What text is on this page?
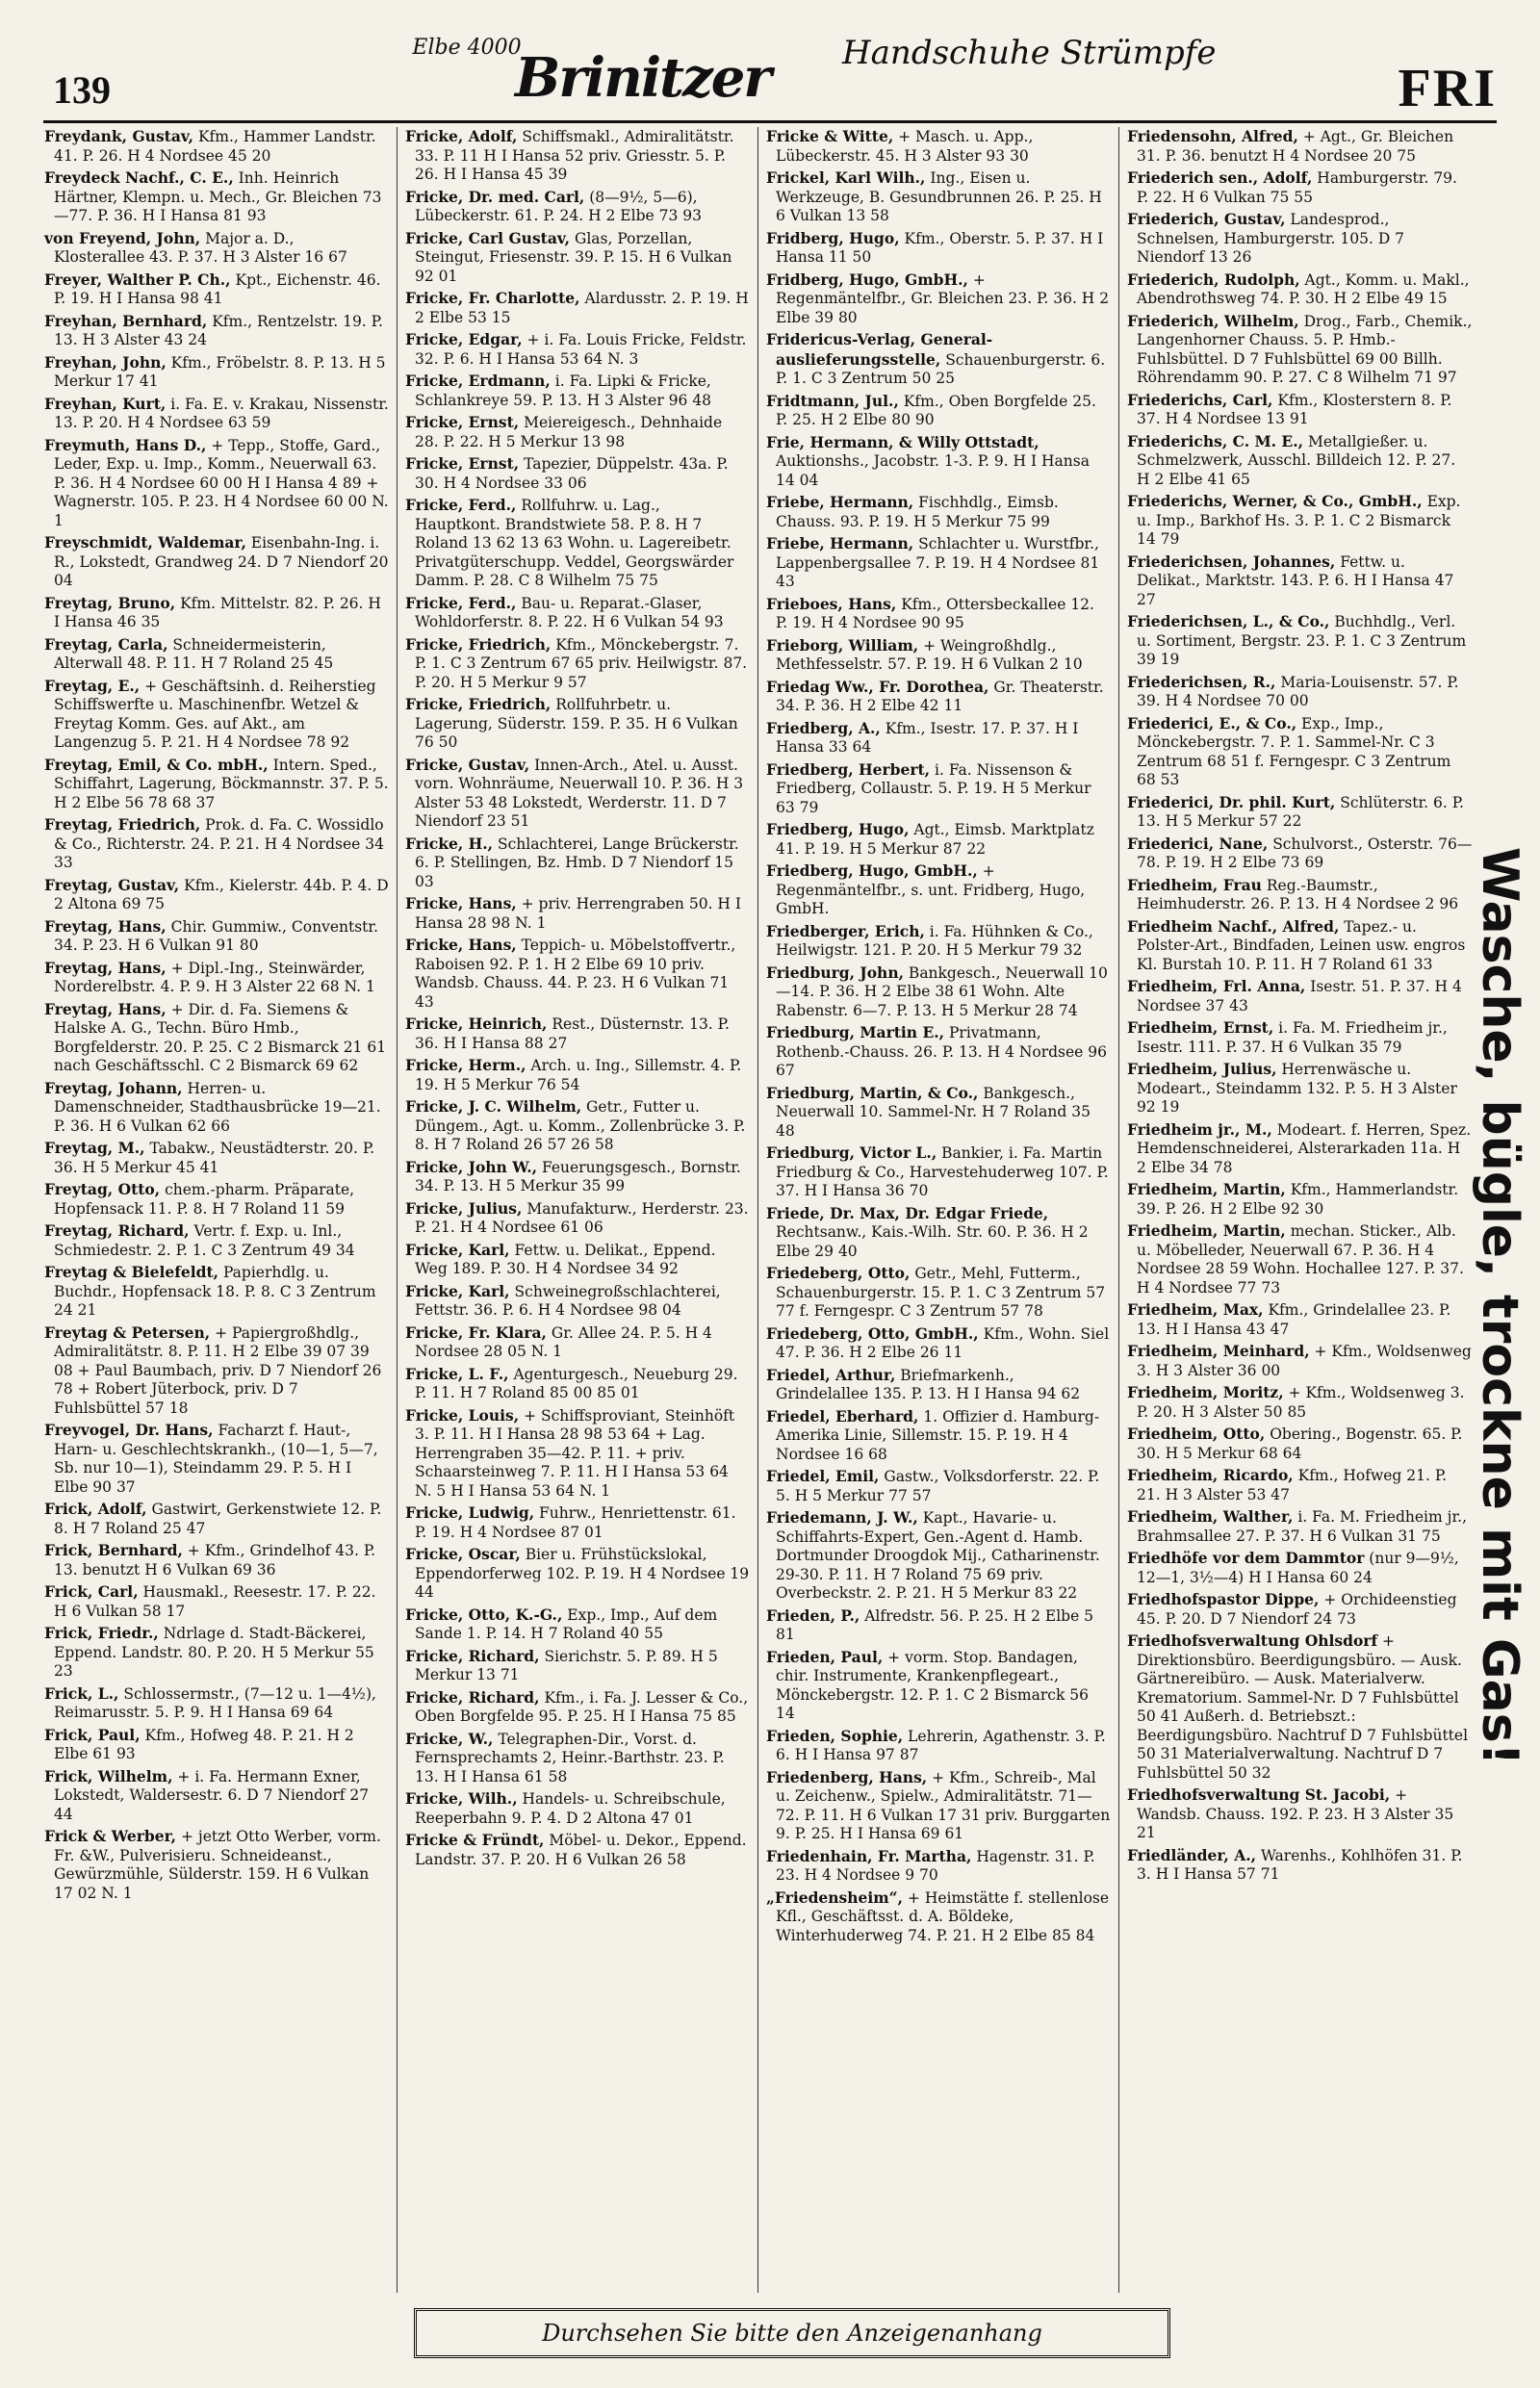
139
Elbe 4000
Brinitzer Handschuhe Strümpfe
FRI
Freydank, Gustav, Kfm., Hammer Landstr. 41. P. 26. H 4 Nordsee 45 20
Freydeck Nachf., C. E., Inh. Heinrich Härtner, Klempn. u. Mech., Gr. Bleichen 73—77. P. 36. H I Hansa 81 93
von Freyend, John, Major a. D., Klosterallee 43. P. 37. H 3 Alster 16 67
Freyer, Walther P. Ch., Kpt., Eichenstr. 46. P. 19. H I Hansa 98 41
Freyhan, Bernhard, Kfm., Rentzelstr. 19. P. 13. H 3 Alster 43 24
Freyhan, John, Kfm., Fröbelstr. 8. P. 13. H 5 Merkur 17 41
Freyhan, Kurt, i. Fa. E. v. Krakau, Nissenstr. 13. P. 20. H 4 Nordsee 63 59
Freymuth, Hans D., + Tepp., Stoffe, Gard., Leder, Exp. u. Imp., Komm., Neuerwall 63. P. 36. H 4 Nordsee 60 00 H I Hansa 4 89 + Wagnerstr. 105. P. 23. H 4 Nordsee 60 00 N. 1
Freyschmidt, Waldemar, Eisenbahn-Ing. i. R., Lokstedt, Grandweg 24. D 7 Niendorf 20 04
Freytag, Bruno, Kfm. Mittelstr. 82. P. 26. H I Hansa 46 35
Freytag, Carla, Schneidermeisterin, Alterwall 48. P. 11. H 7 Roland 25 45
Freytag, E., + Geschäftsinh. d. Reiherstieg Schiffswerfte u. Maschinenfbr. Wetzel & Freytag Komm. Ges. auf Akt., am Langenzug 5. P. 21. H 4 Nordsee 78 92
Freytag, Emil, & Co. mbH., Intern. Sped., Schiffahrt, Lagerung, Böckmannstr. 37. P. 5. H 2 Elbe 56 78 68 37
Freytag, Friedrich, Prok. d. Fa. C. Wossidlo & Co., Richterstr. 24. P. 21. H 4 Nordsee 34 33
Freytag, Gustav, Kfm., Kielerstr. 44b. P. 4. D 2 Altona 69 75
Freytag, Hans, Chir. Gummiw., Conventstr. 34. P. 23. H 6 Vulkan 91 80
Freytag, Hans, + Dipl.-Ing., Steinwärder, Norderelbstr. 4. P. 9. H 3 Alster 22 68 N. 1
Freytag, Hans, + Dir. d. Fa. Siemens & Halske A. G., Techn. Büro Hmb., Borgfelderstr. 20. P. 25. C 2 Bismarck 21 61 nach Geschäftsschl. C 2 Bismarck 69 62
Freytag, Johann, Herren- u. Damenschneider, Stadthausbrücke 19—21. P. 36. H 6 Vulkan 62 66
Freytag, M., Tabakw., Neustädterstr. 20. P. 36. H 5 Merkur 45 41
Freytag, Otto, chem.-pharm. Präparate, Hopfensack 11. P. 8. H 7 Roland 11 59
Freytag, Richard, Vertr. f. Exp. u. Inl., Schmiedestr. 2. P. 1. C 3 Zentrum 49 34
Freytag & Bielefeldt, Papierhdlg. u. Buchdr., Hopfensack 18. P. 8. C 3 Zentrum 24 21
Freytag & Petersen, + Papiergroßhdlg., Admiralitätstr. 8. P. 11. H 2 Elbe 39 07 39 08 + Paul Baumbach, priv. D 7 Niendorf 26 78 + Robert Jüterbock, priv. D 7 Fuhlsbüttel 57 18
Freyvogel, Dr. Hans, Facharzt f. Haut-, Harn- u. Geschlechtskrankh., (10—1, 5—7, Sb. nur 10—1), Steindamm 29. P. 5. H I Elbe 90 37
Frick, Adolf, Gastwirt, Gerkenstwiete 12. P. 8. H 7 Roland 25 47
Frick, Bernhard, + Kfm., Grindelhof 43. P. 13. benutzt H 6 Vulkan 69 36
Frick, Carl, Hausmakl., Reesestr. 17. P. 22. H 6 Vulkan 58 17
Frick, Friedr., Ndrlage d. Stadt-Bäckerei, Eppend. Landstr. 80. P. 20. H 5 Merkur 55 23
Frick, L., Schlossermstr., (7—12 u. 1—4½), Reimarusstr. 5. P. 9. H I Hansa 69 64
Frick, Paul, Kfm., Hofweg 48. P. 21. H 2 Elbe 61 93
Frick, Wilhelm, + i. Fa. Hermann Exner, Lokstedt, Waldersestr. 6. D 7 Niendorf 27 44
Frick & Werber, + jetzt Otto Werber, vorm. Fr. &W., Pulverisieru. Schneideanst., Gewürzmühle, Sülderstr. 159. H 6 Vulkan 17 02 N. 1
Fricke, Adolf, Schiffsmakl., Admiralitätstr. 33. P. 11 H I Hansa 52 priv. Griesstr. 5. P. 26. H I Hansa 45 39
Fricke, Dr. med. Carl, (8—9½, 5—6), Lübeckerstr. 61. P. 24. H 2 Elbe 73 93
Fricke, Carl Gustav, Glas, Porzellan, Steingut, Friesenstr. 39. P. 15. H 6 Vulkan 92 01
Fricke, Fr. Charlotte, Alardusstr. 2. P. 19. H 2 Elbe 53 15
Fricke, Edgar, + i. Fa. Louis Fricke, Feldstr. 32. P. 6. H I Hansa 53 64 N. 3
Fricke, Erdmann, i. Fa. Lipki & Fricke, Schlankreye 59. P. 13. H 3 Alster 96 48
Fricke, Ernst, Meiereigesch., Dehnhaide 28. P. 22. H 5 Merkur 13 98
Fricke, Ernst, Tapezier, Düppelstr. 43a. P. 30. H 4 Nordsee 33 06
Fricke, Ferd., Rollfuhrw. u. Lag., Hauptkont. Brandstwiete 58. P. 8. H 7 Roland 13 62 13 63 Wohn. u. Lagereibetr. Privatgüterschupp. Veddel, Georgswärder Damm. P. 28. C 8 Wilhelm 75 75
Fricke, Ferd., Bau- u. Reparat.-Glaser, Wohldorferstr. 8. P. 22. H 6 Vulkan 54 93
Fricke, Friedrich, Kfm., Mönckebergstr. 7. P. 1. C 3 Zentrum 67 65 priv. Heilwigstr. 87. P. 20. H 5 Merkur 9 57
Fricke, Friedrich, Rollfuhrbetr. u. Lagerung, Süderstr. 159. P. 35. H 6 Vulkan 76 50
Fricke, Gustav, Innen-Arch., Atel. u. Ausst. vorn. Wohnräume, Neuerwall 10. P. 36. H 3 Alster 53 48 Lokstedt, Werderstr. 11. D 7 Niendorf 23 51
Fricke, H., Schlachterei, Lange Brückerstr. 6. P. Stellingen, Bz. Hmb. D 7 Niendorf 15 03
Fricke, Hans, + priv. Herrengraben 50. H I Hansa 28 98 N. 1
Fricke, Hans, Teppich- u. Möbelstoffvertr., Raboisen 92. P. 1. H 2 Elbe 69 10 priv. Wandsb. Chauss. 44. P. 23. H 6 Vulkan 71 43
Fricke, Heinrich, Rest., Düsternstr. 13. P. 36. H I Hansa 88 27
Fricke, Herm., Arch. u. Ing., Sillemstr. 4. P. 19. H 5 Merkur 76 54
Fricke, J. C. Wilhelm, Getr., Futter u. Düngem., Agt. u. Komm., Zollenbrücke 3. P. 8. H 7 Roland 26 57 26 58
Fricke, John W., Feuerungsgesch., Bornstr. 34. P. 13. H 5 Merkur 35 99
Fricke, Julius, Manufakturw., Herderstr. 23. P. 21. H 4 Nordsee 61 06
Fricke, Karl, Fettw. u. Delikat., Eppend. Weg 189. P. 30. H 4 Nordsee 34 92
Fricke, Karl, Schweinegroßschlachterei, Fettstr. 36. P. 6. H 4 Nordsee 98 04
Fricke, Fr. Klara, Gr. Allee 24. P. 5. H 4 Nordsee 28 05 N. 1
Fricke, L. F., Agenturgesch., Neueburg 29. P. 11. H 7 Roland 85 00 85 01
Fricke, Louis, + Schiffsproviant, Steinhöft 3. P. 11. H I Hansa 28 98 53 64 + Lag. Herrengraben 35—42. P. 11. + priv. Schaarsteinweg 7. P. 11. H I Hansa 53 64 N. 5 H I Hansa 53 64 N. 1
Fricke, Ludwig, Fuhrw., Henriettenstr. 61. P. 19. H 4 Nordsee 87 01
Fricke, Oscar, Bier u. Frühstückslokal, Eppendorferweg 102. P. 19. H 4 Nordsee 19 44
Fricke, Otto, K.-G., Exp., Imp., Auf dem Sande 1. P. 14. H 7 Roland 40 55
Fricke, Richard, Sierichstr. 5. P. 89. H 5 Merkur 13 71
Fricke, Richard, Kfm., i. Fa. J. Lesser & Co., Oben Borgfelde 95. P. 25. H I Hansa 75 85
Fricke, W., Telegraphen-Dir., Vorst. d. Fernsprechamts 2, Heinr.-Barthstr. 23. P. 13. H I Hansa 61 58
Fricke, Wilh., Handels- u. Schreibschule, Reeperbahn 9. P. 4. D 2 Altona 47 01
Fricke & Fründt, Möbel- u. Dekor., Eppend. Landstr. 37. P. 20. H 6 Vulkan 26 58
Fricke & Witte, + Masch. u. App., Lübeckerstr. 45. H 3 Alster 93 30
Frickel, Karl Wilh., Ing., Eisen u. Werkzeuge, B. Gesundbrunnen 26. P. 25. H 6 Vulkan 13 58
Fridberg, Hugo, Kfm., Oberstr. 5. P. 37. H I Hansa 11 50
Fridberg, Hugo, GmbH., + Regenmäntelfbr., Gr. Bleichen 23. P. 36. H 2 Elbe 39 80
Fridericus-Verlag, General-auslieferungsstelle, Schauenburgerstr. 6. P. 1. C 3 Zentrum 50 25
Fridtmann, Jul., Kfm., Oben Borgfelde 25. P. 25. H 2 Elbe 80 90
Frie, Hermann, & Willy Ottstadt, Auktionshs., Jacobstr. 1-3. P. 9. H I Hansa 14 04
Friebe, Hermann, Fischhdlg., Eimsb. Chauss. 93. P. 19. H 5 Merkur 75 99
Friebe, Hermann, Schlachter u. Wurstfbr., Lappenbergsallee 7. P. 19. H 4 Nordsee 81 43
Frieboes, Hans, Kfm., Ottersbeckallee 12. P. 19. H 4 Nordsee 90 95
Frieborg, William, + Weingroßhdlg., Methfesselstr. 57. P. 19. H 6 Vulkan 2 10
Friedag Ww., Fr. Dorothea, Gr. Theaterstr. 34. P. 36. H 2 Elbe 42 11
Friedberg, A., Kfm., Isestr. 17. P. 37. H I Hansa 33 64
Friedberg, Herbert, i. Fa. Nissenson & Friedberg, Collaustr. 5. P. 19. H 5 Merkur 63 79
Friedberg, Hugo, Agt., Eimsb. Marktplatz 41. P. 19. H 5 Merkur 87 22
Friedberg, Hugo, GmbH., + Regenmäntelfbr., s. unt. Fridberg, Hugo, GmbH.
Friedberger, Erich, i. Fa. Hühnken & Co., Heilwigstr. 121. P. 20. H 5 Merkur 79 32
Friedburg, John, Bankgesch., Neuerwall 10—14. P. 36. H 2 Elbe 38 61 Wohn. Alte Rabenstr. 6—7. P. 13. H 5 Merkur 28 74
Friedburg, Martin E., Privatmann, Rothenb.-Chauss. 26. P. 13. H 4 Nordsee 96 67
Friedburg, Martin, & Co., Bankgesch., Neuerwall 10. Sammel-Nr. H 7 Roland 35 48
Friedburg, Victor L., Bankier, i. Fa. Martin Friedburg & Co., Harvestehuderweg 107. P. 37. H I Hansa 36 70
Friede, Dr. Max, Dr. Edgar Friede, Rechtsanw., Kais.-Wilh. Str. 60. P. 36. H 2 Elbe 29 40
Friedeberg, Otto, Getr., Mehl, Futterm., Schauenburgerstr. 15. P. 1. C 3 Zentrum 57 77 f. Ferngespr. C 3 Zentrum 57 78
Friedeberg, Otto, GmbH., Kfm., Wohn. Siel 47. P. 36. H 2 Elbe 26 11
Friedel, Arthur, Briefmarkenh., Grindelallee 135. P. 13. H I Hansa 94 62
Friedel, Eberhard, 1. Offizier d. Hamburg-Amerika Linie, Sillemstr. 15. P. 19. H 4 Nordsee 16 68
Friedel, Emil, Gastw., Volksdorferstr. 22. P. 5. H 5 Merkur 77 57
Friedemann, J. W., Kapt., Havarie- u. Schiffahrts-Expert, Gen.-Agent d. Hamb. Dortmunder Droogdok Mij., Catharinenstr. 29-30. P. 11. H 7 Roland 75 69 priv. Overbeckstr. 2. P. 21. H 5 Merkur 83 22
Frieden, P., Alfredstr. 56. P. 25. H 2 Elbe 5 81
Frieden, Paul, + vorm. Stop. Bandagen, chir. Instrumente, Krankenpflegeart., Mönckebergstr. 12. P. 1. C 2 Bismarck 56 14
Frieden, Sophie, Lehrerin, Agathenstr. 3. P. 6. H I Hansa 97 87
Friedenberg, Hans, + Kfm., Schreib-, Mal u. Zeichenw., Spielw., Admiralitätstr. 71—72. P. 11. H 6 Vulkan 17 31 priv. Burggarten 9. P. 25. H I Hansa 69 61
Friedenhain, Fr. Martha, Hagenstr. 31. P. 23. H 4 Nordsee 9 70
„Friedensheim“, + Heimstätte f. stellenlose Kfl., Geschäftsst. d. A. Böldeke, Winterhuderweg 74. P. 21. H 2 Elbe 85 84
Friedensohn, Alfred, + Agt., Gr. Bleichen 31. P. 36. benutzt H 4 Nordsee 20 75
Friederich sen., Adolf, Hamburgerstr. 79. P. 22. H 6 Vulkan 75 55
Friederich, Gustav, Landesprod., Schnelsen, Hamburgerstr. 105. D 7 Niendorf 13 26
Friederich, Rudolph, Agt., Komm. u. Makl., Abendrothsweg 74. P. 30. H 2 Elbe 49 15
Friederich, Wilhelm, Drog., Farb., Chemik., Langenhorner Chauss. 5. P. Hmb.-Fuhlsbüttel. D 7 Fuhlsbüttel 69 00 Billh. Röhrendamm 90. P. 27. C 8 Wilhelm 71 97
Friederichs, Carl, Kfm., Klosterstern 8. P. 37. H 4 Nordsee 13 91
Friederichs, C. M. E., Metallgießer. u. Schmelzwerk, Ausschl. Billdeich 12. P. 27. H 2 Elbe 41 65
Friederichs, Werner, & Co., GmbH., Exp. u. Imp., Barkhof Hs. 3. P. 1. C 2 Bismarck 14 79
Friederichsen, Johannes, Fettw. u. Delikat., Marktstr. 143. P. 6. H I Hansa 47 27
Friederichsen, L., & Co., Buchhdlg., Verl. u. Sortiment, Bergstr. 23. P. 1. C 3 Zentrum 39 19
Friederichsen, R., Maria-Louisenstr. 57. P. 39. H 4 Nordsee 70 00
Friederici, E., & Co., Exp., Imp., Mönckebergstr. 7. P. 1. Sammel-Nr. C 3 Zentrum 68 51 f. Ferngespr. C 3 Zentrum 68 53
Friederici, Dr. phil. Kurt, Schlüterstr. 6. P. 13. H 5 Merkur 57 22
Friederici, Nane, Schulvorst., Osterstr. 76—78. P. 19. H 2 Elbe 73 69
Friedheim, Frau Reg.-Baumstr., Heimhuderstr. 26. P. 13. H 4 Nordsee 2 96
Friedheim Nachf., Alfred, Tapez.- u. Polster-Art., Bindfaden, Leinen usw. engros Kl. Burstah 10. P. 11. H 7 Roland 61 33
Friedheim, Frl. Anna, Isestr. 51. P. 37. H 4 Nordsee 37 43
Friedheim, Ernst, i. Fa. M. Friedheim jr., Isestr. 111. P. 37. H 6 Vulkan 35 79
Friedheim, Julius, Herrenwäsche u. Modeart., Steindamm 132. P. 5. H 3 Alster 92 19
Friedheim jr., M., Modeart. f. Herren, Spez. Hemdenschneiderei, Alsterarkaden 11a. H 2 Elbe 34 78
Friedheim, Martin, Kfm., Hammerlandstr. 39. P. 26. H 2 Elbe 92 30
Friedheim, Martin, mechan. Sticker., Alb. u. Möbelleder, Neuerwall 67. P. 36. H 4 Nordsee 28 59 Wohn. Hochallee 127. P. 37. H 4 Nordsee 77 73
Friedheim, Max, Kfm., Grindelallee 23. P. 13. H I Hansa 43 47
Friedheim, Meinhard, + Kfm., Woldsenweg 3. H 3 Alster 36 00
Friedheim, Moritz, + Kfm., Woldsenweg 3. P. 20. H 3 Alster 50 85
Friedheim, Otto, Obering., Bogenstr. 65. P. 30. H 5 Merkur 68 64
Friedheim, Ricardo, Kfm., Hofweg 21. P. 21. H 3 Alster 53 47
Friedheim, Walther, i. Fa. M. Friedheim jr., Brahmsallee 27. P. 37. H 6 Vulkan 31 75
Friedhöfe vor dem Dammtor (nur 9—9½, 12—1, 3½—4) H I Hansa 60 24
Friedhofspastor Dippe, + Orchideenstieg 45. P. 20. D 7 Niendorf 24 73
Friedhofsverwaltung Ohlsdorf + Direktionsbüro. Beerdigungsbüro. — Ausk. Gärtnereibüro. — Ausk. Materialverw. Krematorium. Sammel-Nr. D 7 Fuhlsbüttel 50 41 Außerh. d. Betriebszt.: Beerdigungsbüro. Nachtruf D 7 Fuhlsbüttel 50 31 Materialverwaltung. Nachtruf D 7 Fuhlsbüttel 50 32
Friedhofsverwaltung St. Jacobi, + Wandsb. Chauss. 192. P. 23. H 3 Alster 35 21
Friedländer, A., Warenhs., Kohlhöfen 31. P. 3. H I Hansa 57 71
Wasche, bügle, trockne mit Gas!
Durchsehen Sie bitte den Anzeigenanhang
